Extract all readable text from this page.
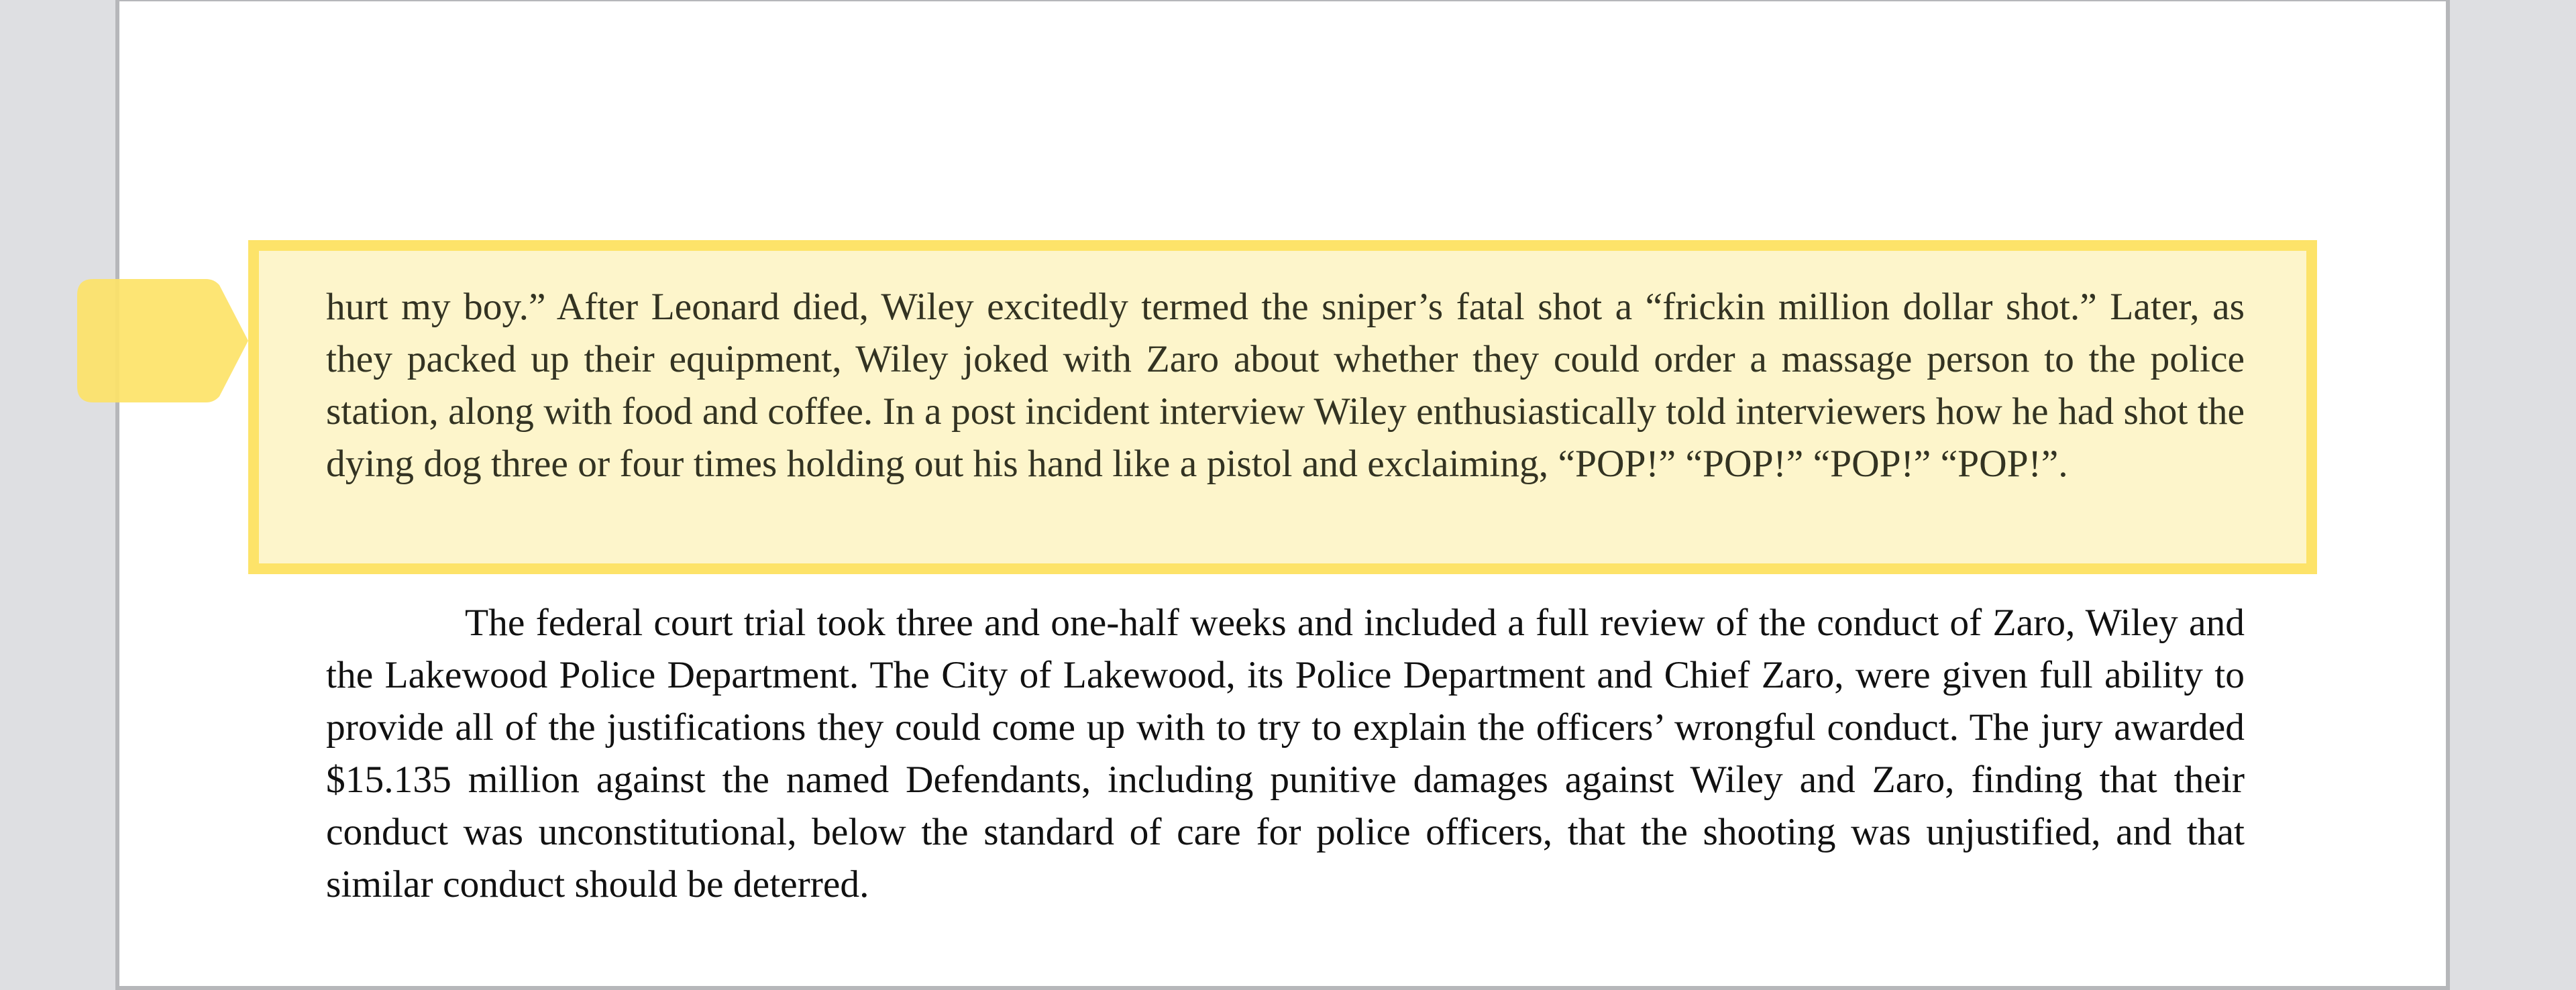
hurt my boy.” After Leonard died, Wiley excitedly termed the sniper’s fatal shot a “frickin million dollar shot.” Later, as they packed up their equipment, Wiley joked with Zaro about whether they could order a massage person to the police station, along with food and coffee. In a post incident interview Wiley enthusiastically told interviewers how he had shot the dying dog three or four times holding out his hand like a pistol and exclaiming, “POP!” “POP!” “POP!” “POP!”.

The federal court trial took three and one-half weeks and included a full review of the conduct of Zaro, Wiley and the Lakewood Police Department. The City of Lakewood, its Police Department and Chief Zaro, were given full ability to provide all of the justifications they could come up with to try to explain the officers’ wrongful conduct. The jury awarded $15.135 million against the named Defendants, including punitive damages against Wiley and Zaro, finding that their conduct was unconstitutional, below the standard of care for police officers, that the shooting was unjustified, and that similar conduct should be deterred.
